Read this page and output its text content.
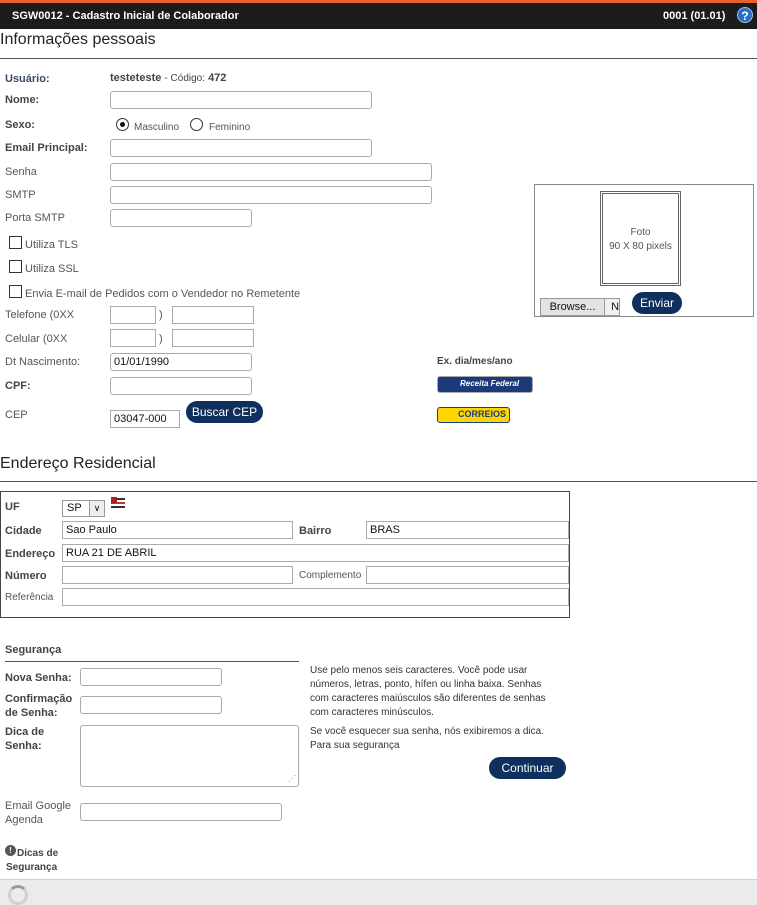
SGW0012 - Cadastro Inicial de Colaborador	0001 (01.01)	?
Informações pessoais
Usuário:	testeteste - Código: 472
Nome:
Sexo:	Masculino	Feminino
Email Principal:
Senha
SMTP
Porta SMTP
Utiliza TLS
Utiliza SSL
Envia E-mail de Pedidos com o Vendedor no Remetente
Telefone (0XX	)
Celular (0XX	)
Dt Nascimento:	01/01/1990	Ex. dia/mes/ano
CPF:	Receita Federal
CEP	03047-000	Buscar CEP	CORREIOS
Foto
90 X 80 pixels
Browse... N	Enviar
Endereço Residencial
UF	SP	∨
Cidade	Sao Paulo	Bairro	BRAS
Endereço RUA 21 DE ABRIL
Número	Complemento
Referência
Segurança
Nova Senha:
Confirmação
de Senha:
Dica de
Senha:
⋰
Use pelo menos seis caracteres. Você pode usar números, letras, ponto, hífen ou linha baixa. Senhas com caracteres maiúsculos são diferentes de senhas com caracteres minúsculos.
Se você esquecer sua senha, nós exibiremos a dica. Para sua segurança
Continuar
Email Google
Agenda
! Dicas de
Segurança
